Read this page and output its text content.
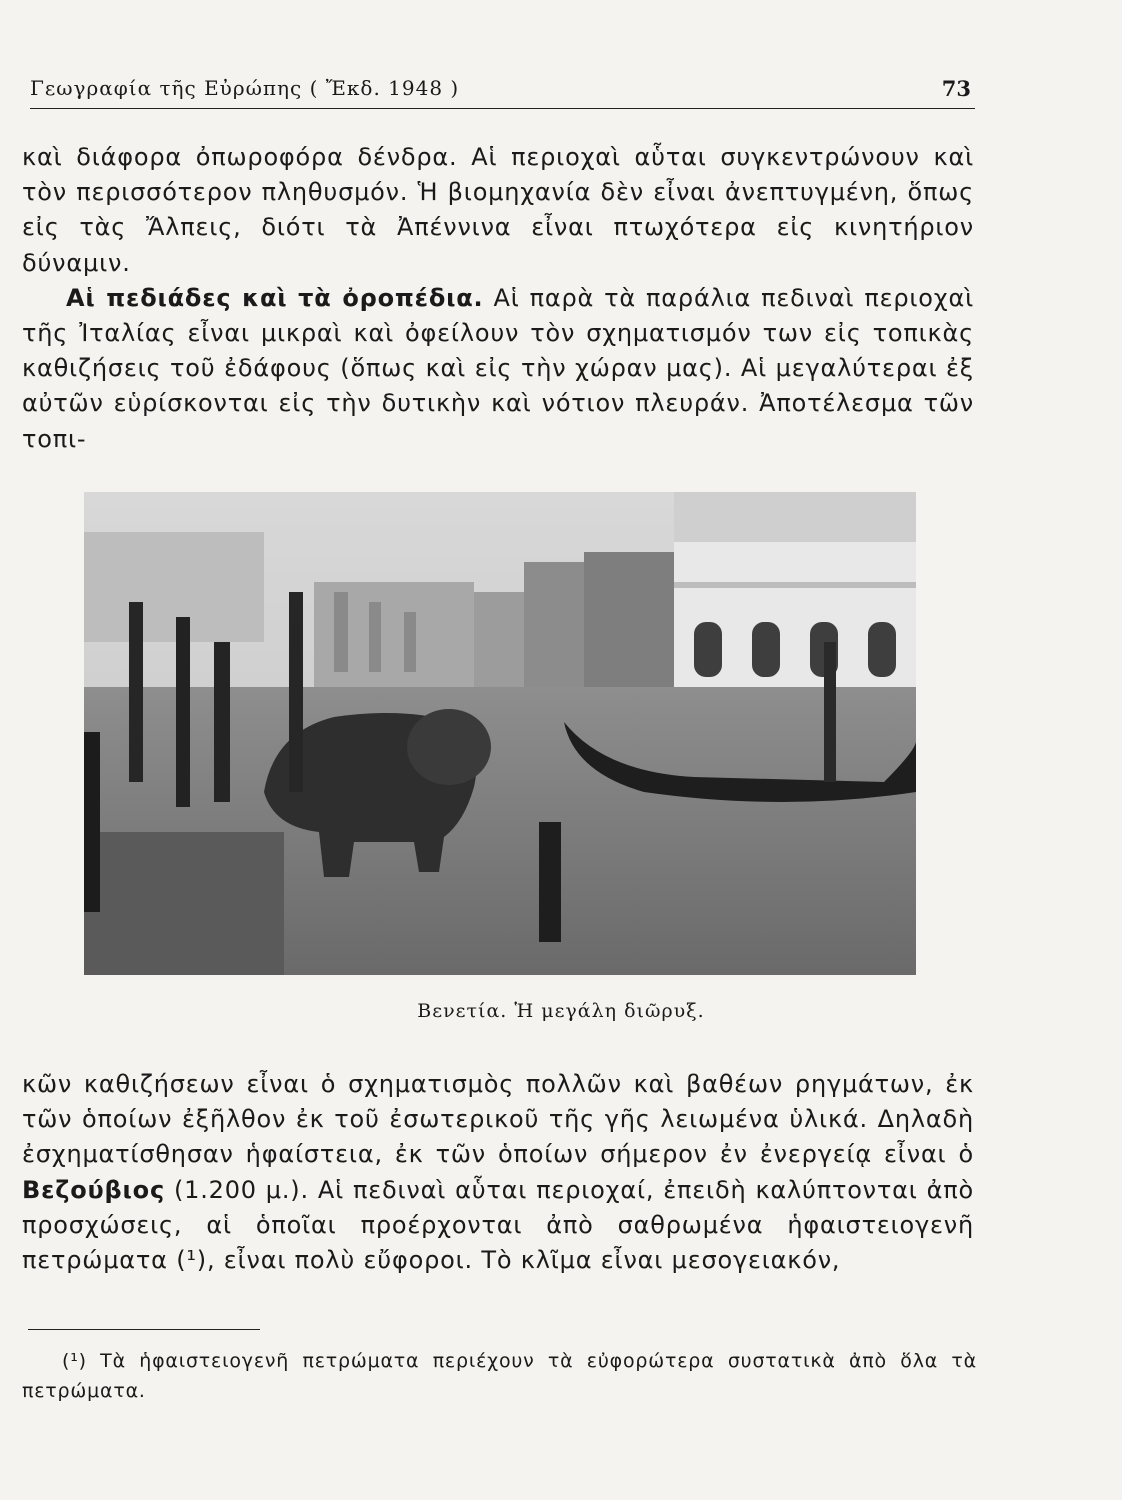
Γεωγραφία τῆς Εὐρώπης ( Ἔκδ. 1948 )	73

καὶ διάφορα ὀπωροφόρα δένδρα. Αἱ περιοχαὶ αὗται συγκεντρώνουν καὶ τὸν περισσότερον πληθυσμόν. Ἡ βιομηχανία δὲν εἶναι ἀνεπτυγμένη, ὅπως εἰς τὰς Ἄλπεις, διότι τὰ Ἀπέννινα εἶναι πτωχότερα εἰς κινητήριον δύναμιν.

Αἱ πεδιάδες καὶ τὰ ὀροπέδια. Αἱ παρὰ τὰ παράλια πεδιναὶ περιοχαὶ τῆς Ἰταλίας εἶναι μικραὶ καὶ ὀφείλουν τὸν σχηματισμόν των εἰς τοπικὰς καθιζήσεις τοῦ ἐδάφους (ὅπως καὶ εἰς τὴν χώραν μας). Αἱ μεγαλύτεραι ἐξ αὐτῶν εὑρίσκονται εἰς τὴν δυτικὴν καὶ νότιον πλευράν. Ἀποτέλεσμα τῶν τοπι-

Βενετία. Ἡ μεγάλη διῶρυξ.

κῶν καθιζήσεων εἶναι ὁ σχηματισμὸς πολλῶν καὶ βαθέων ρηγμάτων, ἐκ τῶν ὁποίων ἐξῆλθον ἐκ τοῦ ἐσωτερικοῦ τῆς γῆς λειωμένα ὑλικά. Δηλαδὴ ἐσχηματίσθησαν ἡφαίστεια, ἐκ τῶν ὁποίων σήμερον ἐν ἐνεργείᾳ εἶναι ὁ Βεζούβιος (1.200 μ.). Αἱ πεδιναὶ αὗται περιοχαί, ἐπειδὴ καλύπτονται ἀπὸ προσχώσεις, αἱ ὁποῖαι προέρχονται ἀπὸ σαθρωμένα ἡφαιστειογενῆ πετρώματα (¹), εἶναι πολὺ εὔφοροι. Τὸ κλῖμα εἶναι μεσογειακόν,

(¹) Τὰ ἡφαιστειογενῆ πετρώματα περιέχουν τὰ εὐφορώτερα συστατικὰ ἀπὸ ὅλα τὰ πετρώματα.
